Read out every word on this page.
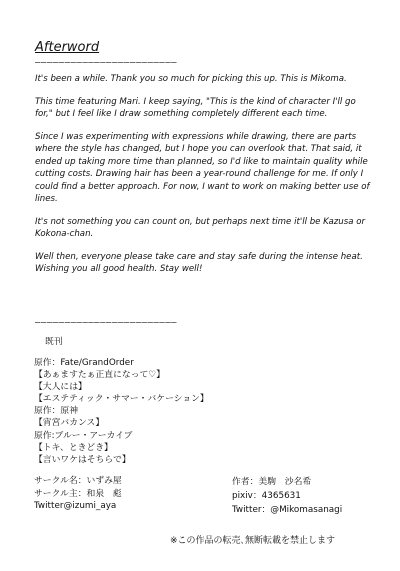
Afterword
————————————————————————

It's been a while. Thank you so much for picking this up. This is Mikoma.

This time featuring Mari. I keep saying, "This is the kind of character I'll go for," but I feel like I draw something completely different each time.

Since I was experimenting with expressions while drawing, there are parts where the style has changed, but I hope you can overlook that. That said, it ended up taking more time than planned, so I'd like to maintain quality while cutting costs. Drawing hair has been a year-round challenge for me. If only I could find a better approach. For now, I want to work on making better use of lines.

It's not something you can count on, but perhaps next time it'll be Kazusa or Kokona-chan.

Well then, everyone please take care and stay safe during the intense heat. Wishing you all good health. Stay well!

————————————————————————
既刊
原作：Fate/GrandOrder
【あぁますたぁ正直になって♡】
【大人には】
【エステティック・サマー・バケーション】
原作：原神
【宵宮バカンス】
原作:ブルー・アーカイブ
【トキ、ときどき】
【言いワケはそちらで】
サークル名：いずみ屋
サークル主：和泉　彪
Twitter@izumi_aya
作者：美駒　沙名希
pixiv：4365631
Twitter：@Mikomasanagi
※この作品の転売､無断転載を禁止します
